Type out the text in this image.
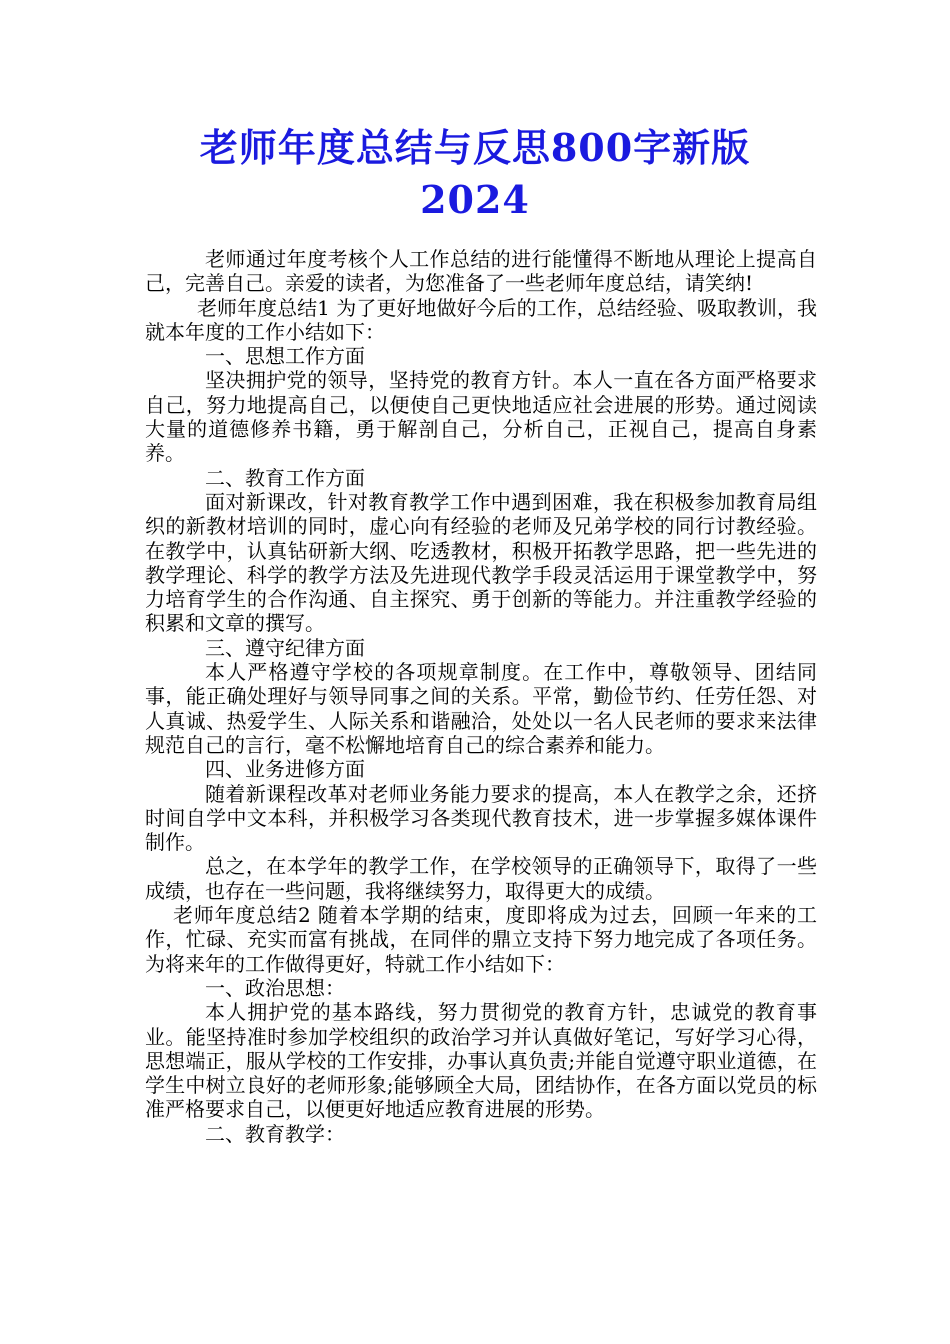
老师年度总结与反思800字新版
2024

老师通过年度考核个人工作总结的进行能懂得不断地从理论上提高自己，完善自己。亲爱的读者，为您准备了一些老师年度总结，请笑纳!

老师年度总结1 为了更好地做好今后的工作，总结经验、吸取教训，我就本年度的工作小结如下：

一、思想工作方面

坚决拥护党的领导，坚持党的教育方针。本人一直在各方面严格要求自己，努力地提高自己，以便使自己更快地适应社会进展的形势。通过阅读大量的道德修养书籍，勇于解剖自己，分析自己，正视自己，提高自身素养。

二、教育工作方面

面对新课改，针对教育教学工作中遇到困难，我在积极参加教育局组织的新教材培训的同时，虚心向有经验的老师及兄弟学校的同行讨教经验。在教学中，认真钻研新大纲、吃透教材，积极开拓教学思路，把一些先进的教学理论、科学的教学方法及先进现代教学手段灵活运用于课堂教学中，努力培育学生的合作沟通、自主探究、勇于创新的等能力。并注重教学经验的积累和文章的撰写。

三、遵守纪律方面

本人严格遵守学校的各项规章制度。在工作中，尊敬领导、团结同事，能正确处理好与领导同事之间的关系。平常，勤俭节约、任劳任怨、对人真诚、热爱学生、人际关系和谐融洽，处处以一名人民老师的要求来法律规范自己的言行，毫不松懈地培育自己的综合素养和能力。

四、业务进修方面

随着新课程改革对老师业务能力要求的提高，本人在教学之余，还挤时间自学中文本科，并积极学习各类现代教育技术，进一步掌握多媒体课件制作。

总之，在本学年的教学工作，在学校领导的正确领导下，取得了一些成绩，也存在一些问题，我将继续努力，取得更大的成绩。

老师年度总结2 随着本学期的结束，度即将成为过去，回顾一年来的工作，忙碌、充实而富有挑战，在同伴的鼎立支持下努力地完成了各项任务。为将来年的工作做得更好，特就工作小结如下：

一、政治思想：

本人拥护党的基本路线，努力贯彻党的教育方针，忠诚党的教育事业。能坚持准时参加学校组织的政治学习并认真做好笔记，写好学习心得，思想端正，服从学校的工作安排，办事认真负责;并能自觉遵守职业道德，在学生中树立良好的老师形象;能够顾全大局，团结协作，在各方面以党员的标准严格要求自己，以便更好地适应教育进展的形势。

二、教育教学：
